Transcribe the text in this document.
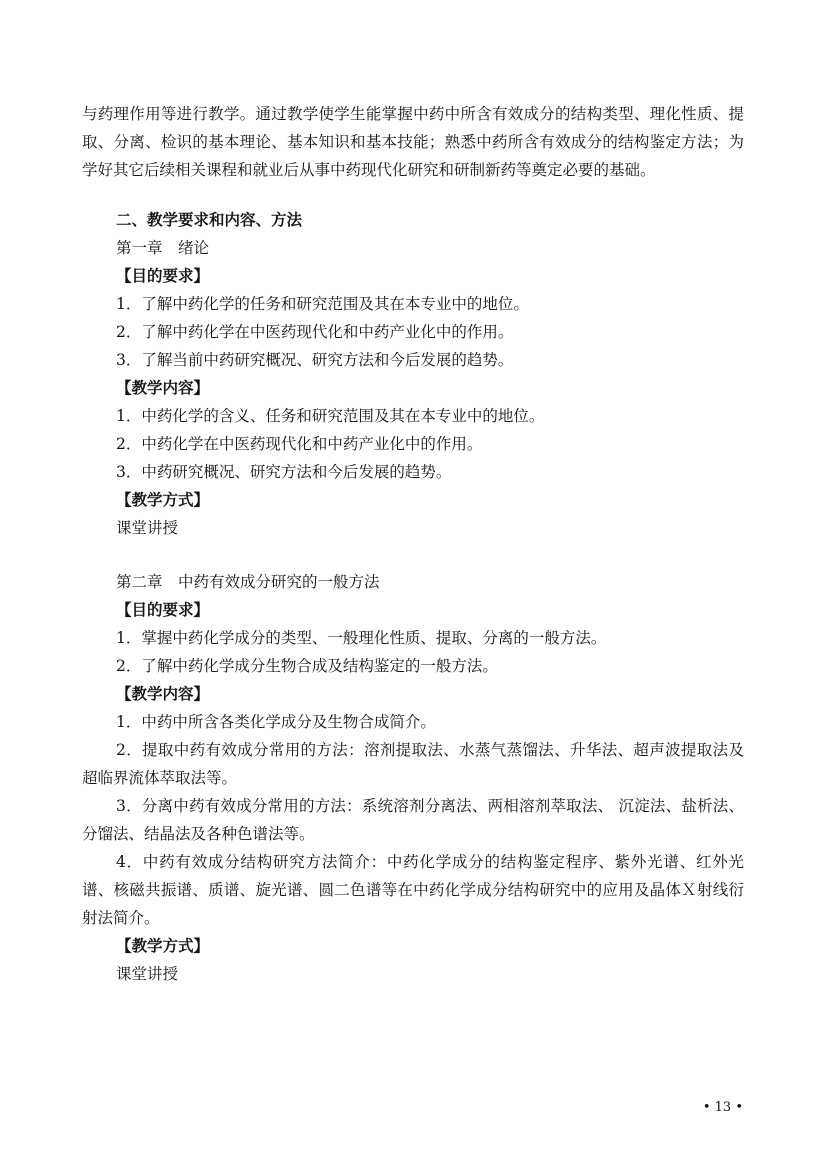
与药理作用等进行教学。通过教学使学生能掌握中药中所含有效成分的结构类型、理化性质、提取、分离、检识的基本理论、基本知识和基本技能；熟悉中药所含有效成分的结构鉴定方法；为学好其它后续相关课程和就业后从事中药现代化研究和研制新药等奠定必要的基础。

二、教学要求和内容、方法

第一章　绪论

【目的要求】

1．了解中药化学的任务和研究范围及其在本专业中的地位。

2．了解中药化学在中医药现代化和中药产业化中的作用。

3．了解当前中药研究概况、研究方法和今后发展的趋势。

【教学内容】

1．中药化学的含义、任务和研究范围及其在本专业中的地位。

2．中药化学在中医药现代化和中药产业化中的作用。

3．中药研究概况、研究方法和今后发展的趋势。

【教学方式】

课堂讲授

第二章　中药有效成分研究的一般方法

【目的要求】

1．掌握中药化学成分的类型、一般理化性质、提取、分离的一般方法。

2．了解中药化学成分生物合成及结构鉴定的一般方法。

【教学内容】

1．中药中所含各类化学成分及生物合成简介。

2．提取中药有效成分常用的方法：溶剂提取法、水蒸气蒸馏法、升华法、超声波提取法及超临界流体萃取法等。

3．分离中药有效成分常用的方法：系统溶剂分离法、两相溶剂萃取法、 沉淀法、盐析法、分馏法、结晶法及各种色谱法等。

4．中药有效成分结构研究方法简介：中药化学成分的结构鉴定程序、紫外光谱、红外光谱、核磁共振谱、质谱、旋光谱、圆二色谱等在中药化学成分结构研究中的应用及晶体Ｘ射线衍射法简介。

【教学方式】

课堂讲授

• 13 •
